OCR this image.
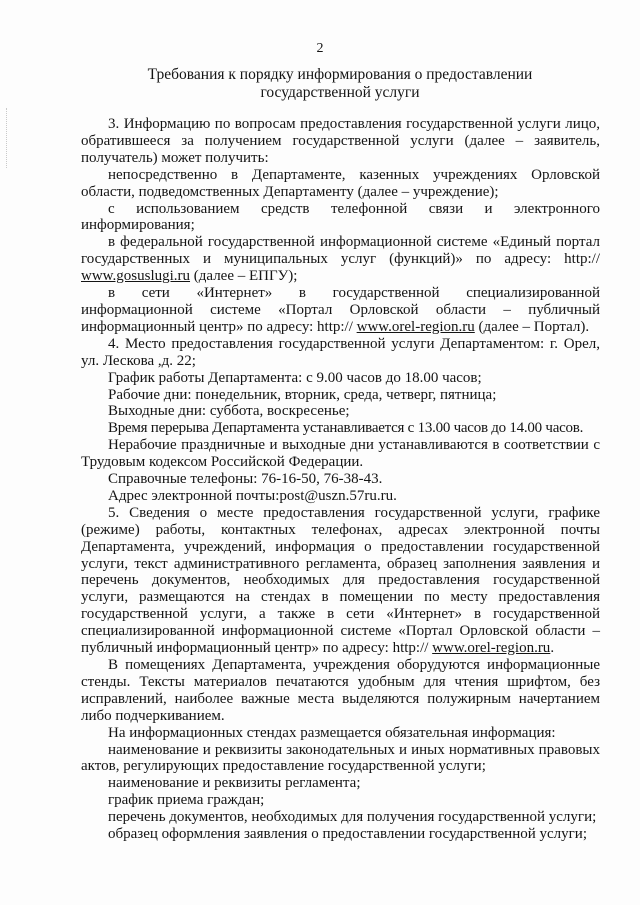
2
Требования к порядку информирования о предоставлении
государственной услуги

3. Информацию по вопросам предоставления государственной услуги лицо, обратившееся за получением государственной услуги (далее – заявитель, получатель) может получить:

непосредственно в Департаменте, казенных учреждениях Орловской области, подведомственных Департаменту (далее – учреждение);

с использованием средств телефонной связи и электронного информирования;

в федеральной государственной информационной системе «Единый портал государственных и муниципальных услуг (функций)» по адресу: http:// www.gosuslugi.ru (далее – ЕПГУ);

в сети «Интернет» в государственной специализированной информационной системе «Портал Орловской области – публичный информационный центр» по адресу: http:// www.orel-region.ru (далее – Портал).

4. Место предоставления государственной услуги Департаментом: г. Орел, ул. Лескова ,д. 22;

График работы Департамента: с 9.00 часов до 18.00 часов;

Рабочие дни: понедельник, вторник, среда, четверг, пятница;

Выходные дни: суббота, воскресенье;

Время перерыва Департамента устанавливается с 13.00 часов до 14.00 часов.

Нерабочие праздничные и выходные дни устанавливаются в соответствии с Трудовым кодексом Российской Федерации.

Справочные телефоны: 76-16-50, 76-38-43.

Адрес электронной почты:post@uszn.57ru.ru.

5. Сведения о месте предоставления государственной услуги, графике (режиме) работы, контактных телефонах, адресах электронной почты Департамента, учреждений, информация о предоставлении государственной услуги, текст административного регламента, образец заполнения заявления и перечень документов, необходимых для предоставления государственной услуги, размещаются на стендах в помещении по месту предоставления государственной услуги, а также в сети «Интернет» в государственной специализированной информационной системе «Портал Орловской области – публичный информационный центр» по адресу: http:// www.orel-region.ru.

В помещениях Департамента, учреждения оборудуются информационные стенды. Тексты материалов печатаются удобным для чтения шрифтом, без исправлений, наиболее важные места выделяются полужирным начертанием либо подчеркиванием.

На информационных стендах размещается обязательная информация:

наименование и реквизиты законодательных и иных нормативных правовых актов, регулирующих предоставление государственной услуги;

наименование и реквизиты регламента;

график приема граждан;

перечень документов, необходимых для получения государственной услуги;

образец оформления заявления о предоставлении государственной услуги;
